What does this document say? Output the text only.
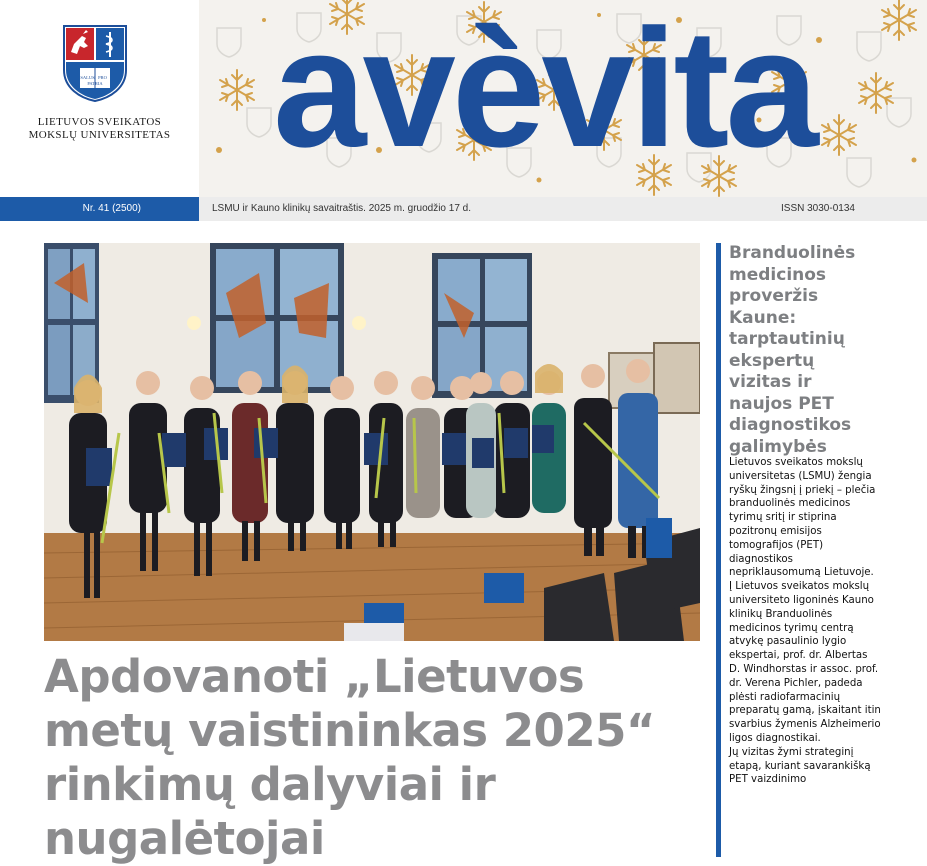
SALUS PRO
PATRIA
LIETUVOS SVEIKATOS
MOKSLŲ UNIVERSITETAS avèvita
Nr. 41 (2500)	LSMU ir Kauno klinikų savaitraštis. 2025 m. gruodžio 17 d.	ISSN 3030-0134
Apdovanoti „Lietuvos metų vaistininkas 2025“ rinkimų dalyviai ir nugalėtojai
Branduolinės medicinos proveržis Kaune: tarptautinių ekspertų vizitas ir naujos PET diagnostikos galimybės

Lietuvos sveikatos mokslų universitetas (LSMU) žengia ryškų žingsnį į priekį – plečia branduolinės medicinos tyrimų sritį ir stiprina pozitronų emisijos tomografijos (PET) diagnostikos nepriklausomumą Lietuvoje.

Į Lietuvos sveikatos mokslų universiteto ligoninės Kauno klinikų Branduolinės medicinos tyrimų centrą atvykę pasaulinio lygio ekspertai, prof. dr. Albertas D. Windhorstas ir assoc. prof. dr. Verena Pichler, padeda plėsti radiofarmacinių preparatų gamą, įskaitant itin svarbius žymenis Alzheimerio ligos diagnostikai.

Jų vizitas žymi strateginį etapą, kuriant savarankišką PET vaizdinimo
